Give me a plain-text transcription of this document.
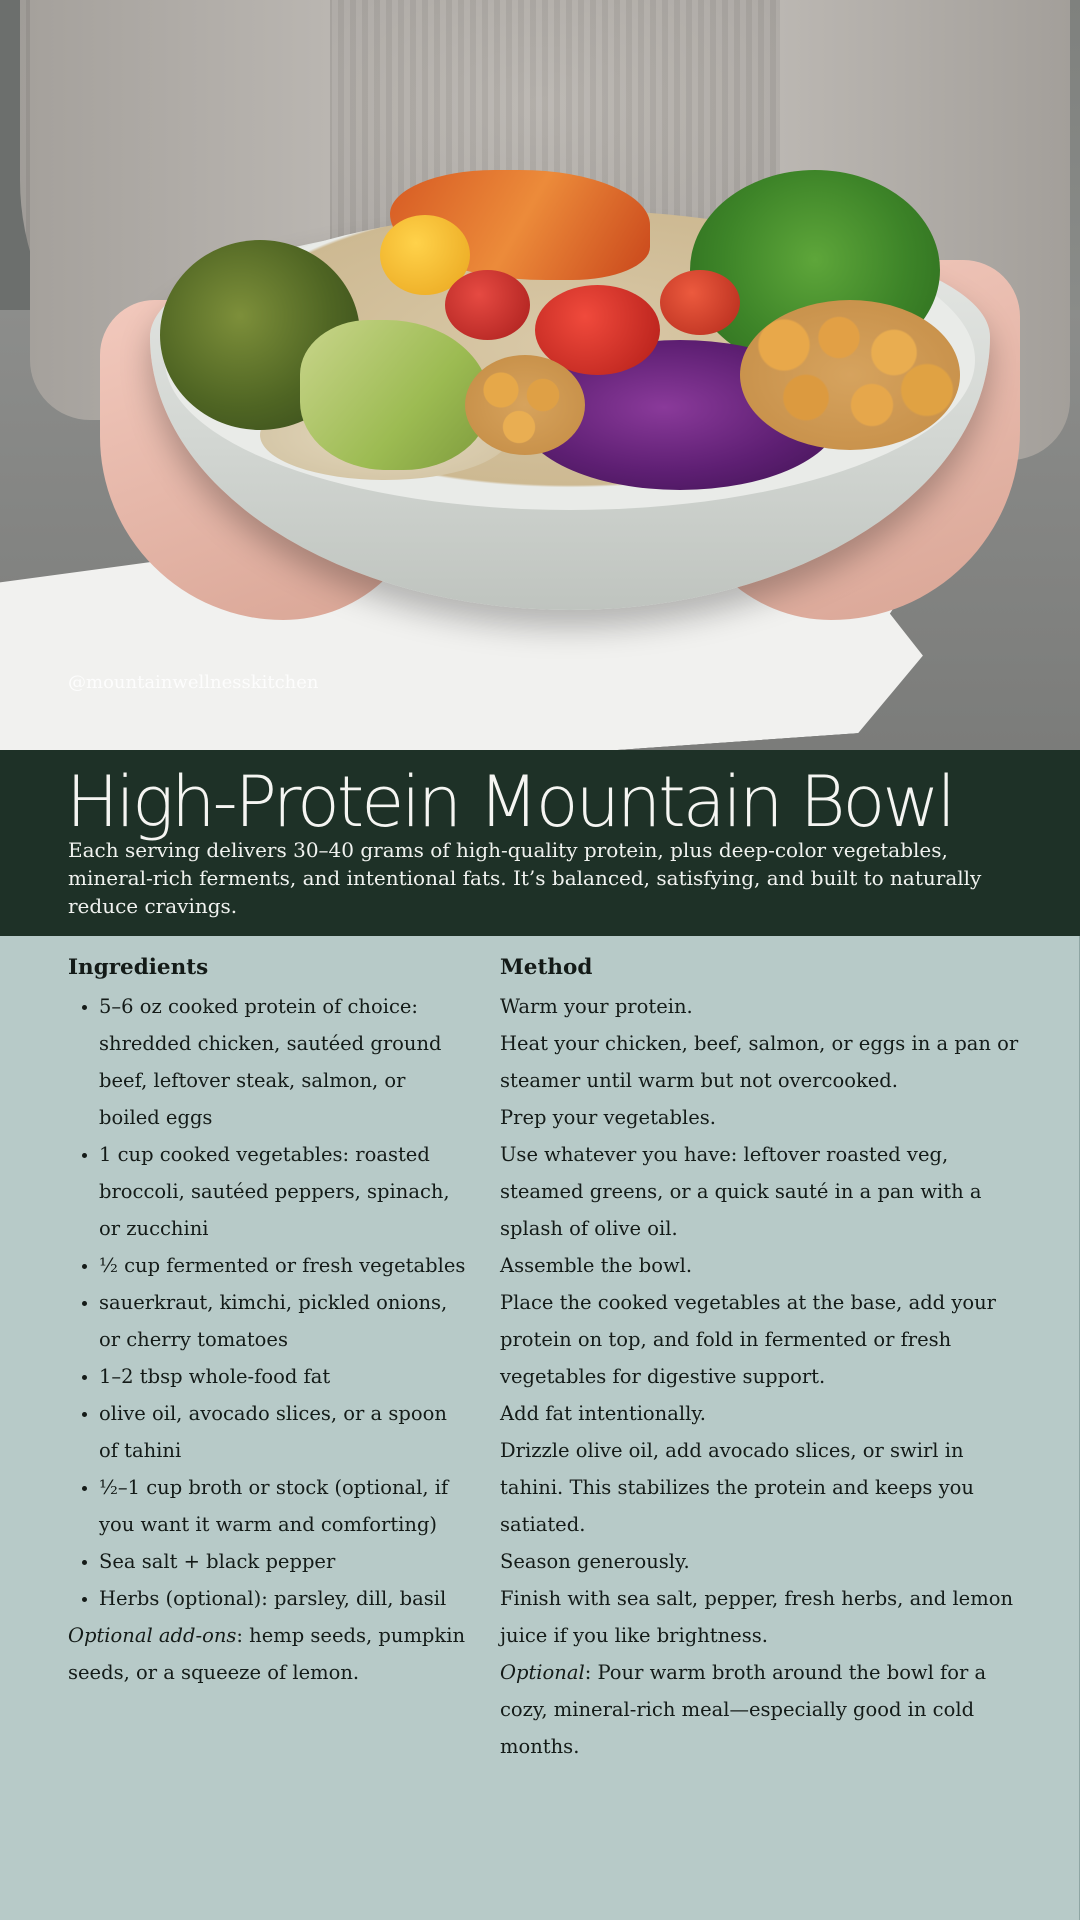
@mountainwellnesskitchen
High-Protein Mountain Bowl

Each serving delivers 30–40 grams of high-quality protein, plus deep-color vegetables, mineral-rich ferments, and intentional fats. It’s balanced, satisfying, and built to naturally reduce cravings.

Ingredients
• 5–6 oz cooked protein of choice: shredded chicken, sautéed ground beef, leftover steak, salmon, or boiled eggs
• 1 cup cooked vegetables: roasted broccoli, sautéed peppers, spinach, or zucchini
• ½ cup fermented or fresh vegetables
• sauerkraut, kimchi, pickled onions, or cherry tomatoes
• 1–2 tbsp whole-food fat
• olive oil, avocado slices, or a spoon of tahini
• ½–1 cup broth or stock (optional, if you want it warm and comforting)
• Sea salt + black pepper
• Herbs (optional): parsley, dill, basil

Optional add-ons: hemp seeds, pumpkin seeds, or a squeeze of lemon.

Method

Warm your protein.

Heat your chicken, beef, salmon, or eggs in a pan or steamer until warm but not overcooked.

Prep your vegetables.

Use whatever you have: leftover roasted veg, steamed greens, or a quick sauté in a pan with a splash of olive oil.

Assemble the bowl.

Place the cooked vegetables at the base, add your protein on top, and fold in fermented or fresh vegetables for digestive support.

Add fat intentionally.

Drizzle olive oil, add avocado slices, or swirl in tahini. This stabilizes the protein and keeps you satiated.

Season generously.

Finish with sea salt, pepper, fresh herbs, and lemon juice if you like brightness.

Optional: Pour warm broth around the bowl for a cozy, mineral-rich meal—especially good in cold months.
